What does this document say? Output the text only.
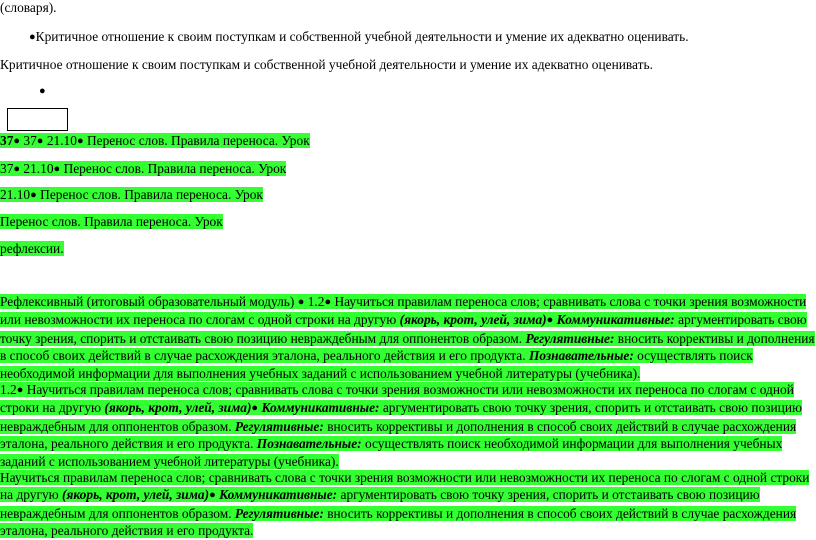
(словаря).
●Критичное отношение к своим поступкам и собственной учебной деятельности и умение их адекватно оценивать.
Критичное отношение к своим поступкам и собственной учебной деятельности и умение их адекватно оценивать.
●
37● 37● 21.10● Перенос слов. Правила переноса. Урок
37● 21.10● Перенос слов. Правила переноса. Урок
21.10● Перенос слов. Правила переноса. Урок
Перенос слов. Правила переноса. Урок
рефлексии.
Рефлексивный (итоговый образовательный модуль) ● 1.2● Научиться правилам переноса слов; сравнивать слова с точки зрения возможности или невозможности их переноса по слогам с одной строки на другую (якорь, крот, улей, зима)● Коммуникативные: аргументировать свою точку зрения, спорить и отстаивать свою позицию невраждебным для оппонентов образом. Регулятивные: вносить коррективы и дополнения в способ своих действий в случае расхождения эталона, реального действия и его продукта. Познавательные: осуществлять поиск необходимой информации для выполнения учебных заданий с использованием учебной литературы (учебника).
1.2● Научиться правилам переноса слов; сравнивать слова с точки зрения возможности или невозможности их переноса по слогам с одной строки на другую (якорь, крот, улей, зима)● Коммуникативные: аргументировать свою точку зрения, спорить и отстаивать свою позицию невраждебным для оппонентов образом. Регулятивные: вносить коррективы и дополнения в способ своих действий в случае расхождения эталона, реального действия и его продукта. Познавательные: осуществлять поиск необходимой информации для выполнения учебных заданий с использованием учебной литературы (учебника).
Научиться правилам переноса слов; сравнивать слова с точки зрения возможности или невозможности их переноса по слогам с одной строки на другую (якорь, крот, улей, зима)● Коммуникативные: аргументировать свою точку зрения, спорить и отстаивать свою позицию невраждебным для оппонентов образом. Регулятивные: вносить коррективы и дополнения в способ своих действий в случае расхождения эталона, реального действия и его продукта.
